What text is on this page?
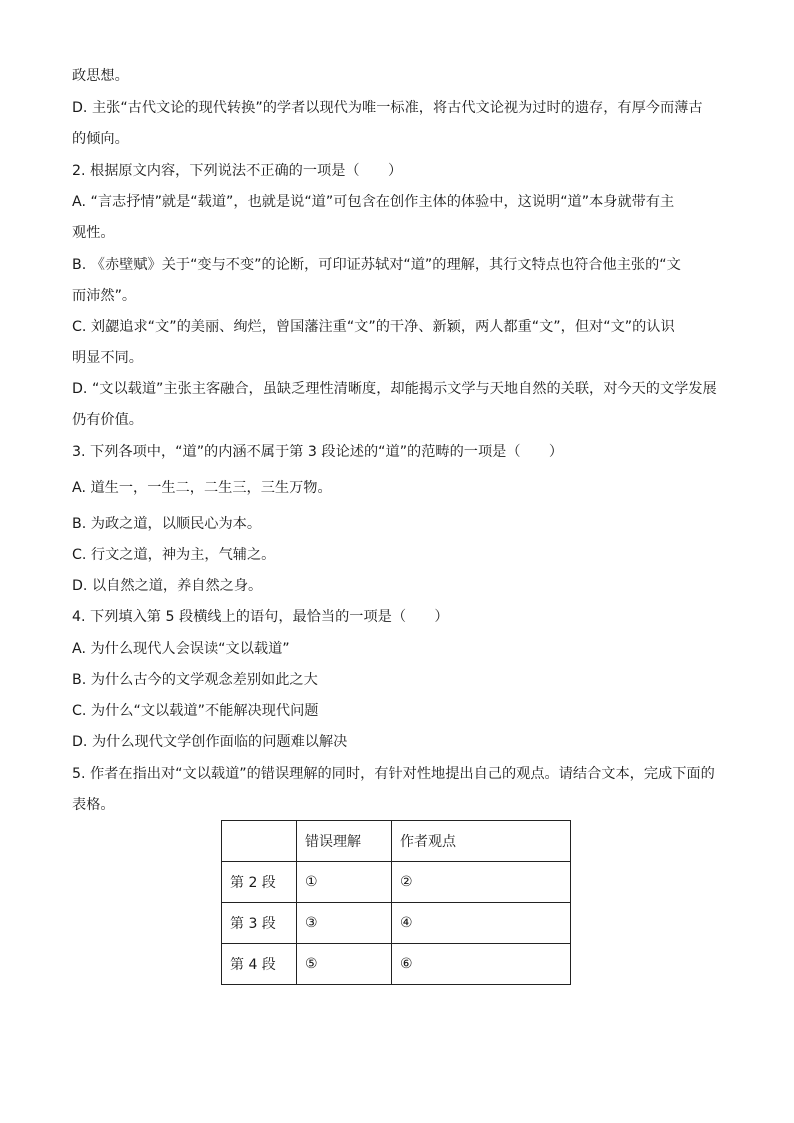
政思想。
D. 主张“古代文论的现代转换”的学者以现代为唯一标准，将古代文论视为过时的遗存，有厚今而薄古
的倾向。
2. 根据原文内容，下列说法不正确的一项是（　　）
A. “言志抒情”就是“载道”，也就是说“道”可包含在创作主体的体验中，这说明“道”本身就带有主
观性。
B. 《赤壁赋》关于“变与不变”的论断，可印证苏轼对“道”的理解，其行文特点也符合他主张的“文
而沛然”。
C. 刘勰追求“文”的美丽、绚烂，曾国藩注重“文”的干净、新颖，两人都重“文”，但对“文”的认识
明显不同。
D. “文以载道”主张主客融合，虽缺乏理性清晰度，却能揭示文学与天地自然的关联，对今天的文学发展
仍有价值。
3. 下列各项中，“道”的内涵不属于第 3 段论述的“道”的范畴的一项是（　　）
A. 道生一，一生二，二生三，三生万物。
B. 为政之道，以顺民心为本。
C. 行文之道，神为主，气辅之。
D. 以自然之道，养自然之身。
4. 下列填入第 5 段横线上的语句，最恰当的一项是（　　）
A. 为什么现代人会误读“文以载道”
B. 为什么古今的文学观念差别如此之大
C. 为什么“文以载道”不能解决现代问题
D. 为什么现代文学创作面临的问题难以解决
5. 作者在指出对“文以载道”的错误理解的同时，有针对性地提出自己的观点。请结合文本，完成下面的
表格。
	错误理解	作者观点
第 2 段	①	②
第 3 段	③	④
第 4 段	⑤	⑥
